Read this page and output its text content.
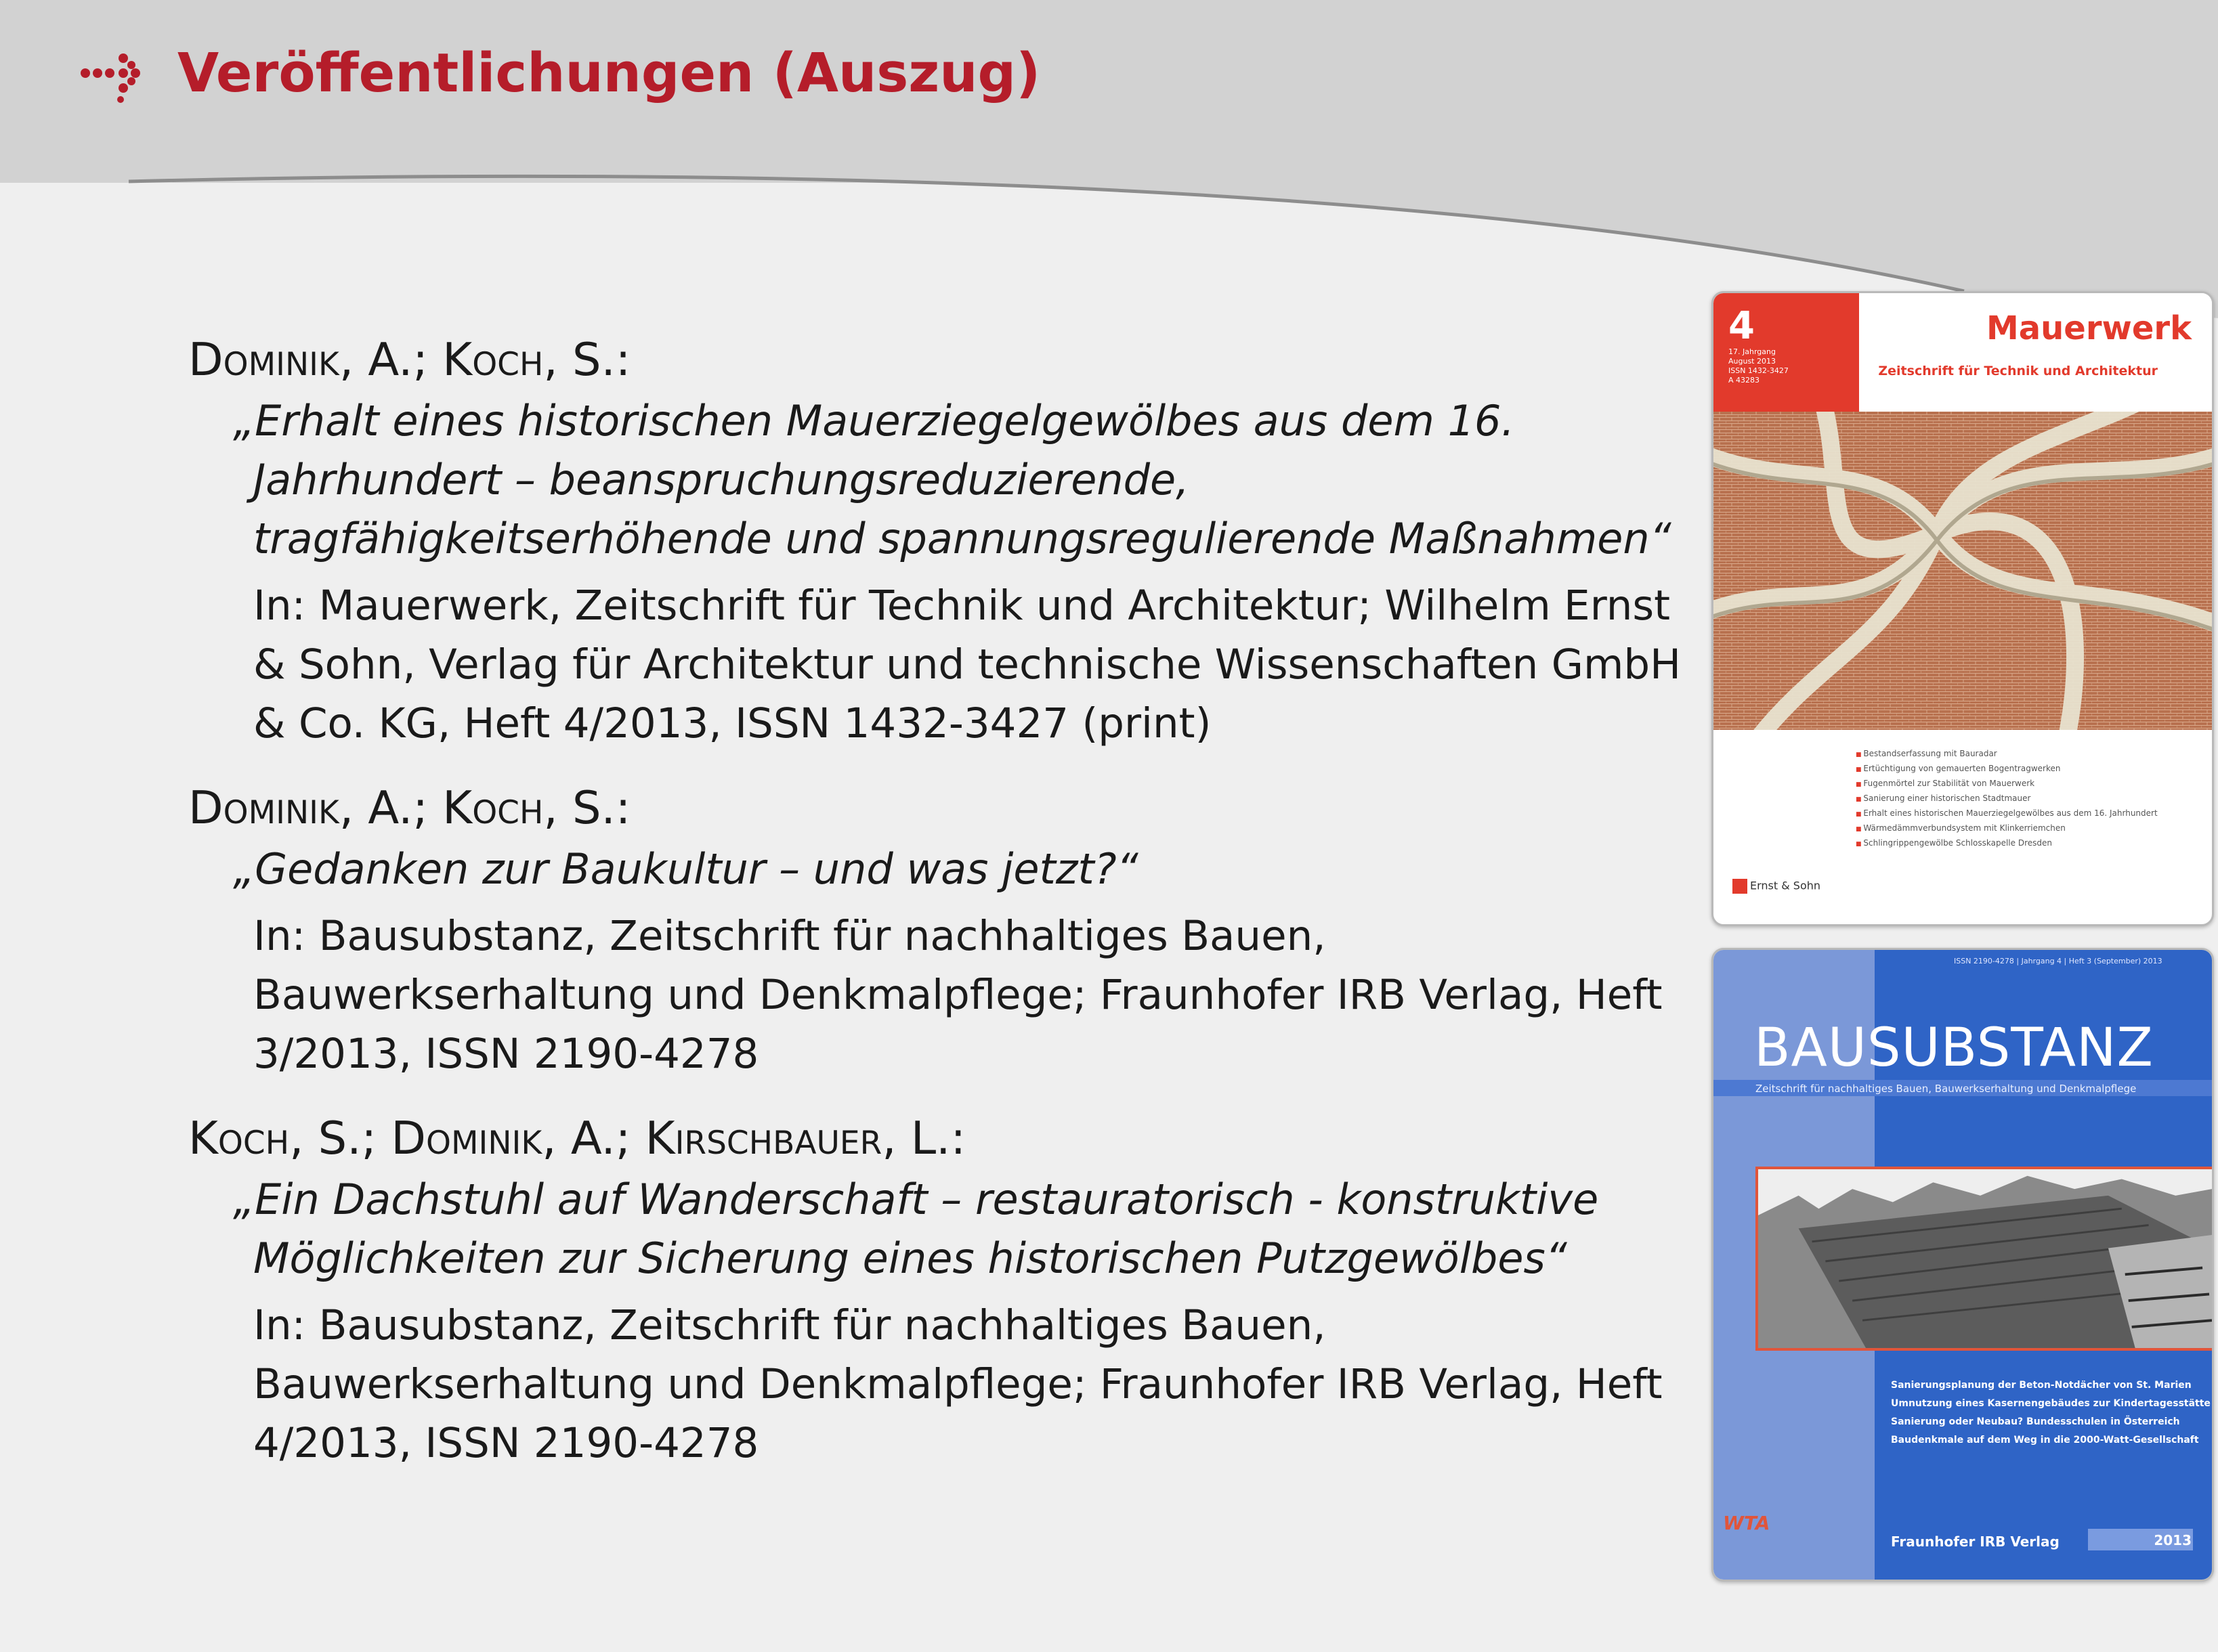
Veröffentlichungen (Auszug)
Dominik, A.; Koch, S.:
„Erhalt eines historischen Mauerziegelgewölbes aus dem 16. Jahrhundert – beanspruchungsreduzierende, tragfähigkeitserhöhende und spannungsregulierende Maßnahmen“
In: Mauerwerk, Zeitschrift für Technik und Architektur; Wilhelm Ernst & Sohn, Verlag für Architektur und technische Wissenschaften GmbH & Co. KG, Heft 4/2013, ISSN 1432-3427 (print)
Dominik, A.; Koch, S.:
„Gedanken zur Baukultur – und was jetzt?“
In: Bausubstanz, Zeitschrift für nachhaltiges Bauen, Bauwerkserhaltung und Denkmalpflege; Fraunhofer IRB Verlag, Heft 3/2013, ISSN 2190-4278
Koch, S.; Dominik, A.; Kirschbauer, L.:
„Ein Dachstuhl auf Wanderschaft – restauratorisch - konstruktive Möglichkeiten zur Sicherung eines historischen Putzgewölbes“
In: Bausubstanz, Zeitschrift für nachhaltiges Bauen, Bauwerkserhaltung und Denkmalpflege; Fraunhofer IRB Verlag, Heft 4/2013, ISSN 2190-4278
4
17. Jahrgang
August 2013
ISSN 1432-3427
A 43283
Mauerwerk
Zeitschrift für Technik und Architektur
■ Bestandserfassung mit Bauradar
■ Ertüchtigung von gemauerten Bogentragwerken
■ Fugenmörtel zur Stabilität von Mauerwerk
■ Sanierung einer historischen Stadtmauer
■ Erhalt eines historischen Mauerziegelgewölbes aus dem 16. Jahrhundert
■ Wärmedämmverbundsystem mit Klinkerriemchen
■ Schlingrippengewölbe Schlosskapelle Dresden
Ernst & Sohn
ISSN 2190-4278 | Jahrgang 4 | Heft 3 (September) 2013
BAUSUBSTANZ
Zeitschrift für nachhaltiges Bauen, Bauwerkserhaltung und Denkmalpflege
Sanierungsplanung der Beton-Notdächer von St. Marien
Umnutzung eines Kasernengebäudes zur Kindertagesstätte
Sanierung oder Neubau? Bundesschulen in Österreich
Baudenkmale auf dem Weg in die 2000-Watt-Gesellschaft
WTA
Fraunhofer IRB Verlag	2013
